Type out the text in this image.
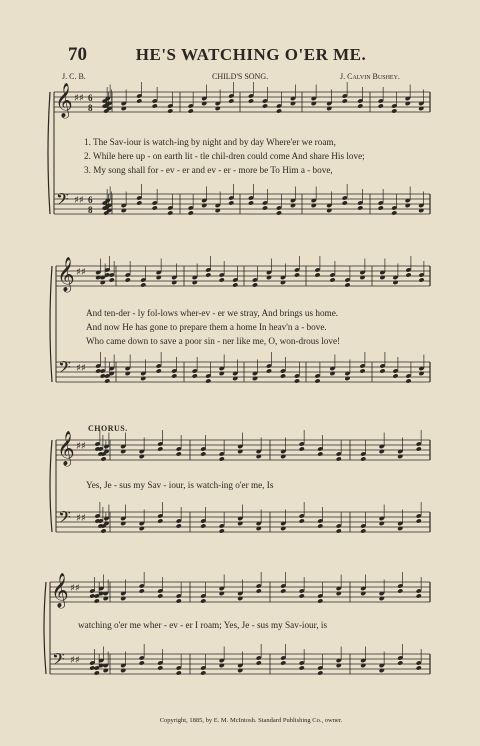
70	HE'S WATCHING O'ER ME.
J. C. B.	CHILD'S SONG.	J. Calvin Bushey.
𝄞
𝄢
♯♯
♯♯
6
8
6
8
𝄞
𝄢
♯♯
♯♯
𝄞
𝄢
♯♯
♯♯
𝄞
𝄢
♯♯
♯♯
1. The Sav-iour is watch-ing by night and by day Where'er we roam,
2. While here up - on earth lit - tle chil-dren could come And share His love;
3. My song shall for - ev - er and ev - er - more be To Him a - bove,
And ten-der - ly fol-lows wher-ev - er we stray, And brings us home.
And now He has gone to prepare them a home In heav'n a - bove.
Who came down to save a poor sin - ner like me, O, won-drous love!
CHORUS.
Yes, Je - sus my Sav - iour, is watch-ing o'er me, Is
watching o'er me wher - ev - er I roam; Yes, Je - sus my Sav-iour, is
Copyright, 1885, by E. M. McIntosh. Standard Publishing Co., owner.
